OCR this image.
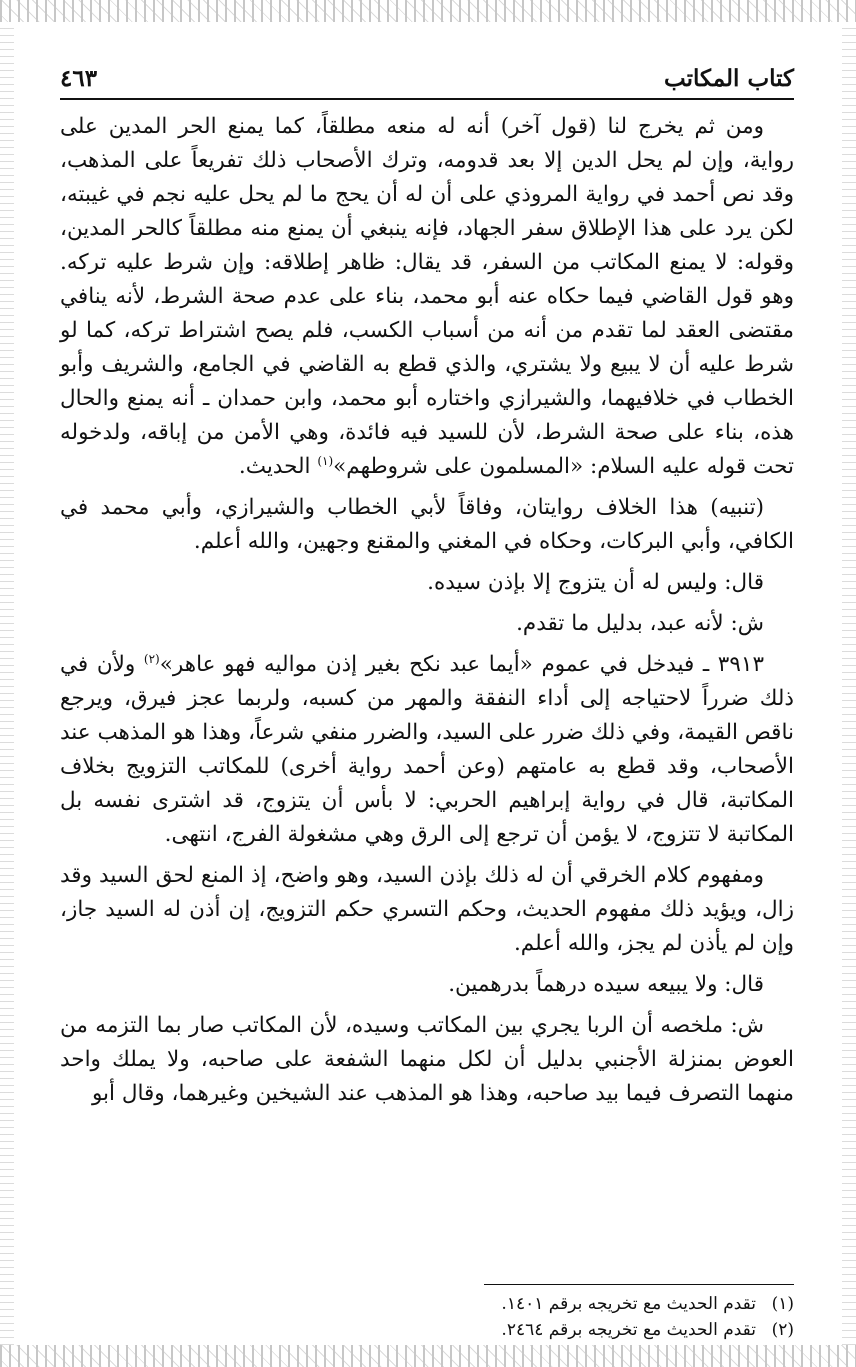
كتاب المكاتب
٤٦٣

ومن ثم يخرج لنا (قول آخر) أنه له منعه مطلقاً، كما يمنع الحر المدين على رواية، وإن لم يحل الدين إلا بعد قدومه، وترك الأصحاب ذلك تفريعاً على المذهب، وقد نص أحمد في رواية المروذي على أن له أن يحج ما لم يحل عليه نجم في غيبته، لكن يرد على هذا الإطلاق سفر الجهاد، فإنه ينبغي أن يمنع منه مطلقاً كالحر المدين، وقوله: لا يمنع المكاتب من السفر، قد يقال: ظاهر إطلاقه: وإن شرط عليه تركه. وهو قول القاضي فيما حكاه عنه أبو محمد، بناء على عدم صحة الشرط، لأنه ينافي مقتضى العقد لما تقدم من أنه من أسباب الكسب، فلم يصح اشتراط تركه، كما لو شرط عليه أن لا يبيع ولا يشتري، والذي قطع به القاضي في الجامع، والشريف وأبو الخطاب في خلافيهما، والشيرازي واختاره أبو محمد، وابن حمدان ـ أنه يمنع والحال هذه، بناء على صحة الشرط، لأن للسيد فيه فائدة، وهي الأمن من إباقه، ولدخوله تحت قوله عليه السلام: «المسلمون على شروطهم»$^{(١)}$ الحديث.

(تنبيه) هذا الخلاف روايتان، وفاقاً لأبي الخطاب والشيرازي، وأبي محمد في الكافي، وأبي البركات، وحكاه في المغني والمقنع وجهين، والله أعلم.

قال: وليس له أن يتزوج إلا بإذن سيده.

ش: لأنه عبد، بدليل ما تقدم.

٣٩١٣ ـ فيدخل في عموم «أيما عبد نكح بغير إذن مواليه فهو عاهر»$^{(٢)}$ ولأن في ذلك ضرراً لاحتياجه إلى أداء النفقة والمهر من كسبه، ولربما عجز فيرق، ويرجع ناقص القيمة، وفي ذلك ضرر على السيد، والضرر منفي شرعاً، وهذا هو المذهب عند الأصحاب، وقد قطع به عامتهم (وعن أحمد رواية أخرى) للمكاتب التزويج بخلاف المكاتبة، قال في رواية إبراهيم الحربي: لا بأس أن يتزوج، قد اشترى نفسه بل المكاتبة لا تتزوج، لا يؤمن أن ترجع إلى الرق وهي مشغولة الفرج، انتهى.

ومفهوم كلام الخرقي أن له ذلك بإذن السيد، وهو واضح، إذ المنع لحق السيد وقد زال، ويؤيد ذلك مفهوم الحديث، وحكم التسري حكم التزويج، إن أذن له السيد جاز، وإن لم يأذن لم يجز، والله أعلم.

قال: ولا يبيعه سيده درهماً بدرهمين.

ش: ملخصه أن الربا يجري بين المكاتب وسيده، لأن المكاتب صار بما التزمه من العوض بمنزلة الأجنبي بدليل أن لكل منهما الشفعة على صاحبه، ولا يملك واحد منهما التصرف فيما بيد صاحبه، وهذا هو المذهب عند الشيخين وغيرهما، وقال أبو

(١)
تقدم الحديث مع تخريجه برقم ١٤٠١.
(٢)
تقدم الحديث مع تخريجه برقم ٢٤٦٤.
